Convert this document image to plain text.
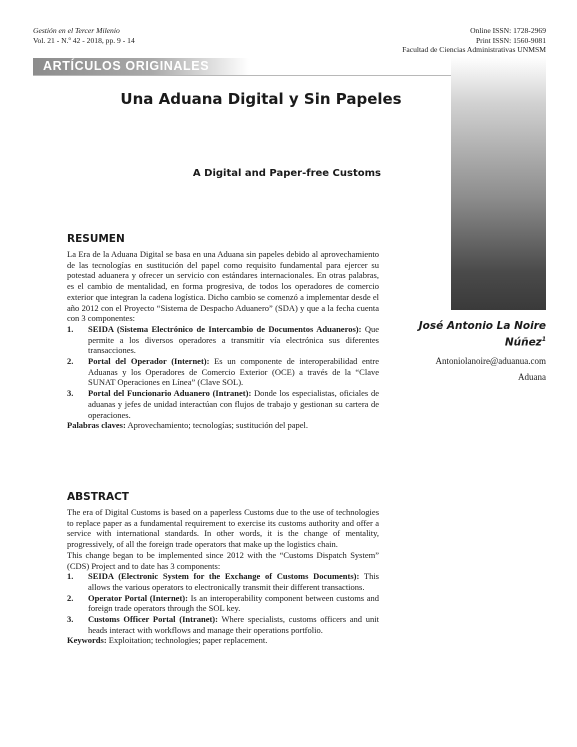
Gestión en el Tercer Milenio
Vol. 21 - N.º 42 - 2018, pp. 9 - 14
Online ISSN: 1728-2969
Print ISSN: 1560-9081
Facultad de Ciencias Administrativas UNMSM
ARTÍCULOS ORIGINALES
Una Aduana Digital y Sin Papeles
A Digital and Paper-free Customs
José Antonio La Noire Núñez$^1$
Antoniolanoire@aduanua.com
Aduana
RESUMEN

La Era de la Aduana Digital se basa en una Aduana sin papeles debido al aprovechamiento de las tecnologías en sustitución del papel como requisito fundamental para ejercer su potestad aduanera y ofrecer un servicio con estándares internacionales. En otras palabras, es el cambio de mentalidad, en forma progresiva, de todos los operadores de comercio exterior que integran la cadena logística. Dicho cambio se comenzó a implementar desde el año 2012 con el Proyecto “Sistema de Despacho Aduanero” (SDA) y que a la fecha cuenta con 3 componentes:

1. SEIDA (Sistema Electrónico de Intercambio de Documentos Aduaneros): Que permite a los diversos operadores a transmitir vía electrónica sus diferentes transacciones.
2. Portal del Operador (Internet): Es un componente de interoperabilidad entre Aduanas y los Operadores de Comercio Exterior (OCE) a través de la “Clave SUNAT Operaciones en Línea” (Clave SOL).
3. Portal del Funcionario Aduanero (Intranet): Donde los especialistas, oficiales de aduanas y jefes de unidad interactúan con flujos de trabajo y gestionan su cartera de operaciones.

Palabras claves: Aprovechamiento; tecnologías; sustitución del papel.

ABSTRACT

The era of Digital Customs is based on a paperless Customs due to the use of technologies to replace paper as a fundamental requirement to exercise its customs authority and offer a service with international standards. In other words, it is the change of mentality, progressively, of all the foreign trade operators that make up the logistics chain.

This change began to be implemented since 2012 with the “Customs Dispatch System” (CDS) Project and to date has 3 components:

1. SEIDA (Electronic System for the Exchange of Customs Documents): This allows the various operators to electronically transmit their different transactions.
2. Operator Portal (Internet): Is an interoperability component between customs and foreign trade operators through the SOL key.
3. Customs Officer Portal (Intranet): Where specialists, customs officers and unit heads interact with workflows and manage their operations portfolio.

Keywords: Exploitation; technologies; paper replacement.
